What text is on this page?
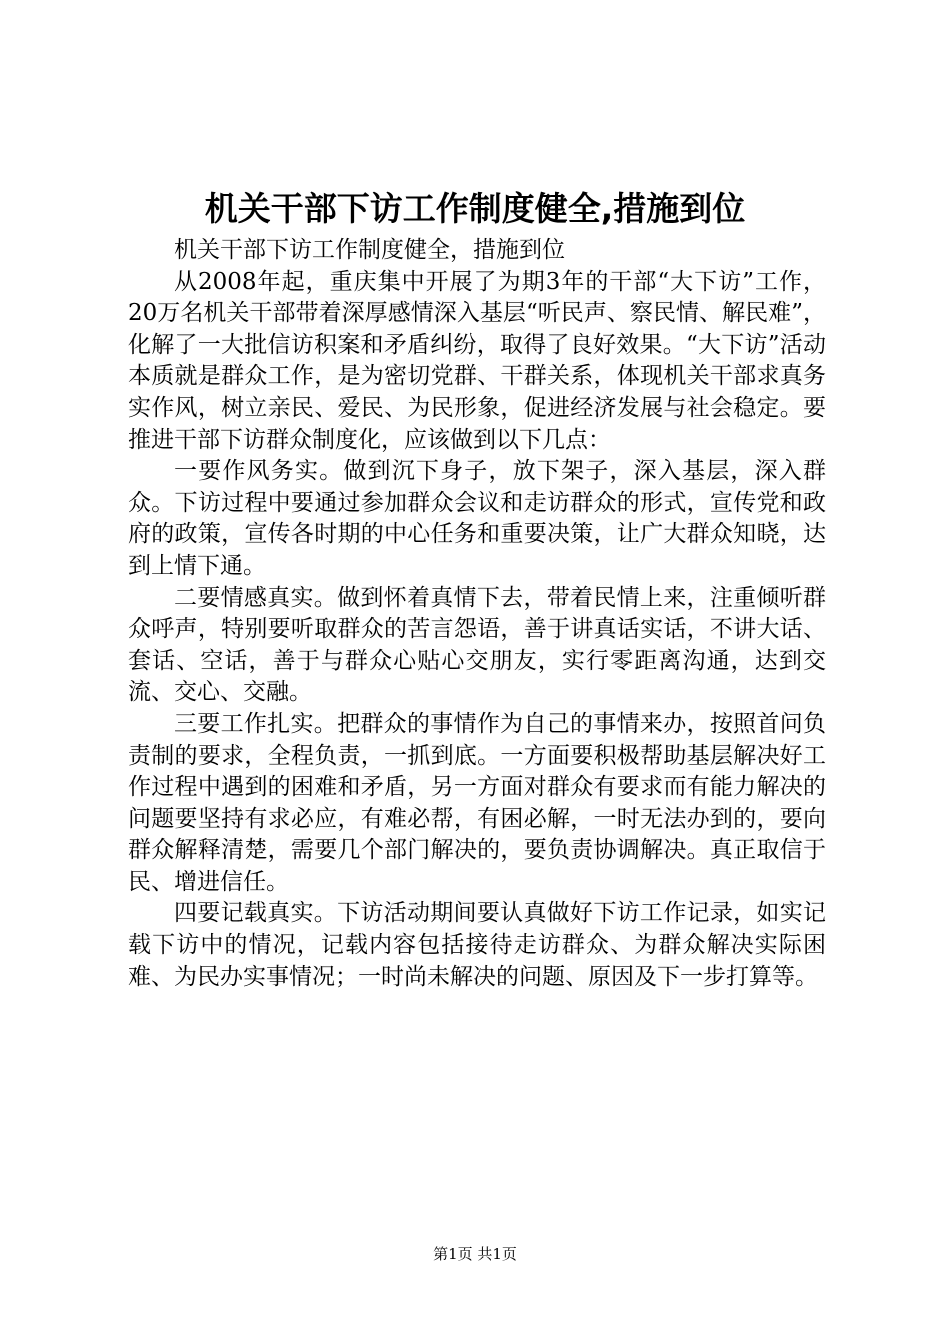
机关干部下访工作制度健全,措施到位

机关干部下访工作制度健全，措施到位

从2008年起，重庆集中开展了为期3年的干部“大下访”工作，20万名机关干部带着深厚感情深入基层“听民声、察民情、解民难”，化解了一大批信访积案和矛盾纠纷，取得了良好效果。“大下访”活动本质就是群众工作，是为密切党群、干群关系，体现机关干部求真务实作风，树立亲民、爱民、为民形象，促进经济发展与社会稳定。要推进干部下访群众制度化，应该做到以下几点：

一要作风务实。做到沉下身子，放下架子，深入基层，深入群众。下访过程中要通过参加群众会议和走访群众的形式，宣传党和政府的政策，宣传各时期的中心任务和重要决策，让广大群众知晓，达到上情下通。

二要情感真实。做到怀着真情下去，带着民情上来，注重倾听群众呼声，特别要听取群众的苦言怨语，善于讲真话实话，不讲大话、套话、空话，善于与群众心贴心交朋友，实行零距离沟通，达到交流、交心、交融。

三要工作扎实。把群众的事情作为自己的事情来办，按照首问负责制的要求，全程负责，一抓到底。一方面要积极帮助基层解决好工作过程中遇到的困难和矛盾，另一方面对群众有要求而有能力解决的问题要坚持有求必应，有难必帮，有困必解，一时无法办到的，要向群众解释清楚，需要几个部门解决的，要负责协调解决。真正取信于民、增进信任。

四要记载真实。下访活动期间要认真做好下访工作记录，如实记载下访中的情况，记载内容包括接待走访群众、为群众解决实际困难、为民办实事情况；一时尚未解决的问题、原因及下一步打算等。

第1页 共1页
